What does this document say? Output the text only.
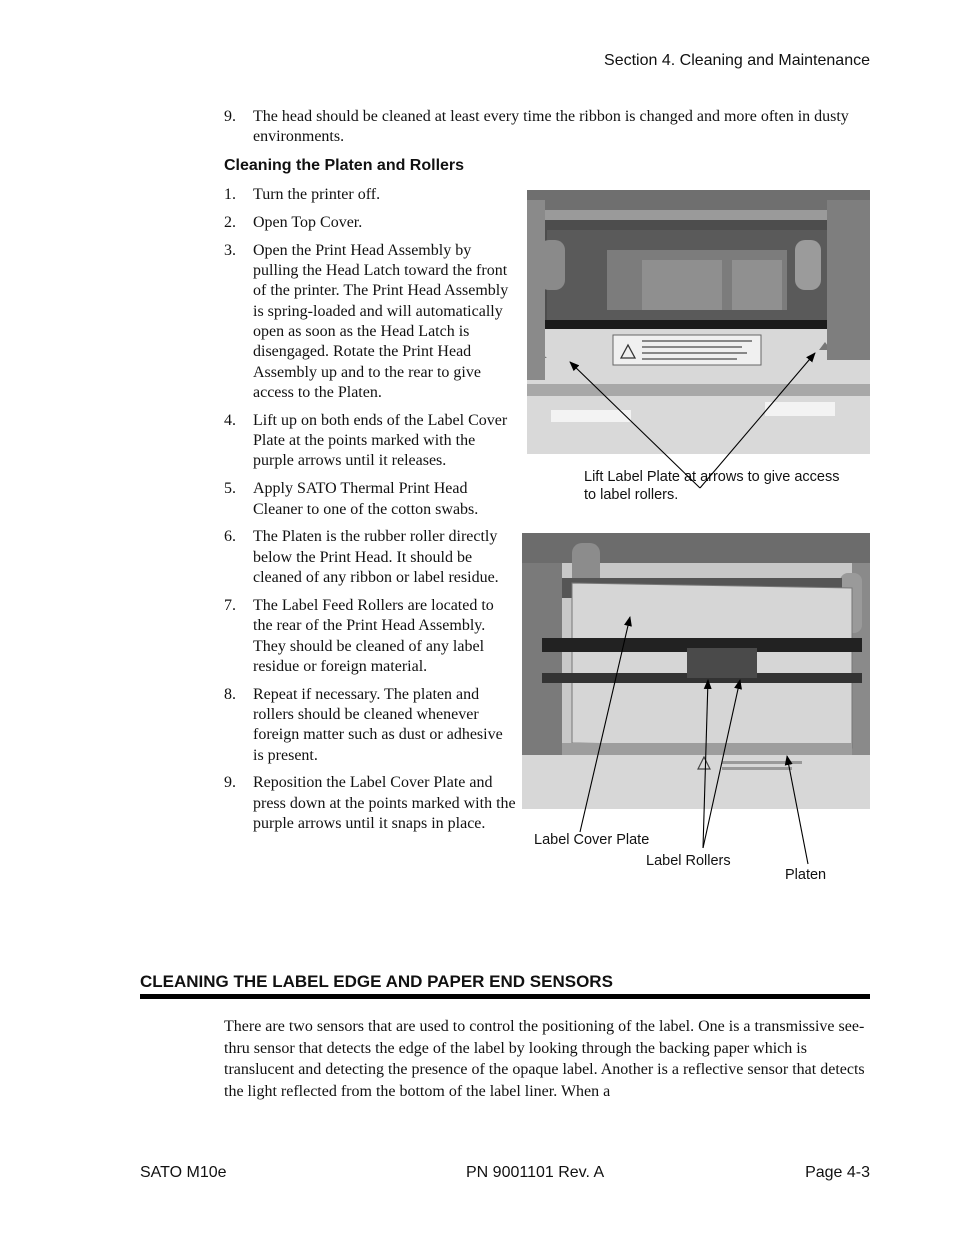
Section 4. Cleaning and Maintenance
9. The head should be cleaned at least every time the ribbon is changed and more often in dusty environments.
Cleaning the Platen and Rollers
1. Turn the printer off.
2. Open Top Cover.
3. Open the Print Head Assembly by pulling the Head Latch toward the front of the printer. The Print Head Assembly is spring-loaded and will automatically open as soon as the Head Latch is disengaged. Rotate the Print Head Assembly up and to the rear to give access to the Platen.
4. Lift up on both ends of the Label Cover Plate at the points marked with the purple arrows until it releases.
5. Apply SATO Thermal Print Head Cleaner to one of the cotton swabs.
6. The Platen is the rubber roller directly below the Print Head. It should be cleaned of any ribbon or label residue.
7. The Label Feed Rollers are located to the rear of the Print Head Assembly. They should be cleaned of any label residue or foreign material.
8. Repeat if necessary. The platen and rollers should be cleaned whenever foreign matter such as dust or adhesive is present.
9. Reposition the Label Cover Plate and press down at the points marked with the purple arrows until it snaps in place.
Lift Label Plate at arrows to give access to label rollers.
Label Cover Plate
Label Rollers
Platen
CLEANING THE LABEL EDGE AND PAPER END SENSORS
There are two sensors that are used to control the positioning of the label. One is a transmissive see-thru sensor that detects the edge of the label by looking through the backing paper which is translucent and detecting the presence of the opaque label. Another is a reflective sensor that detects the light reflected from the bottom of the label liner. When a
SATO M10e	PN 9001101 Rev. A	Page 4-3
